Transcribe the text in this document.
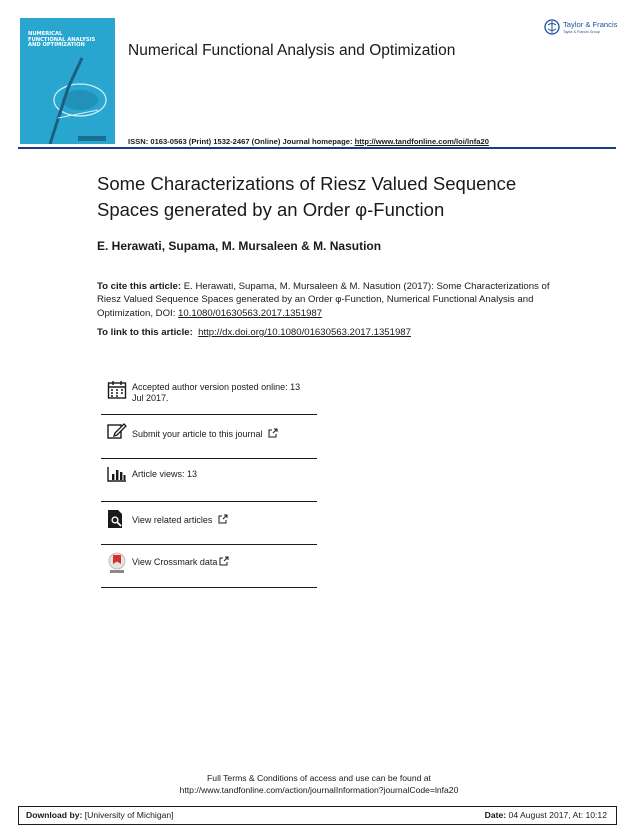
NUMERICAL FUNCTIONAL ANALYSIS AND OPTIMIZATION	Numerical Functional Analysis and Optimization
Taylor & Francis
Taylor & Francis Group
ISSN: 0163-0563 (Print) 1532-2467 (Online) Journal homepage: http://www.tandfonline.com/loi/lnfa20
Some Characterizations of Riesz Valued Sequence
Spaces generated by an Order φ-Function
E. Herawati, Supama, M. Mursaleen & M. Nasution
To cite this article: E. Herawati, Supama, M. Mursaleen & M. Nasution (2017): Some Characterizations of Riesz Valued Sequence Spaces generated by an Order φ-Function, Numerical Functional Analysis and Optimization, DOI: 10.1080/01630563.2017.1351987
To link to this article: http://dx.doi.org/10.1080/01630563.2017.1351987
Accepted author version posted online: 13
Jul 2017.
Submit your article to this journal
Article views: 13
View related articles
View Crossmark data
Full Terms & Conditions of access and use can be found at
http://www.tandfonline.com/action/journalInformation?journalCode=lnfa20
Download by: [University of Michigan]	Date: 04 August 2017, At: 10:12
